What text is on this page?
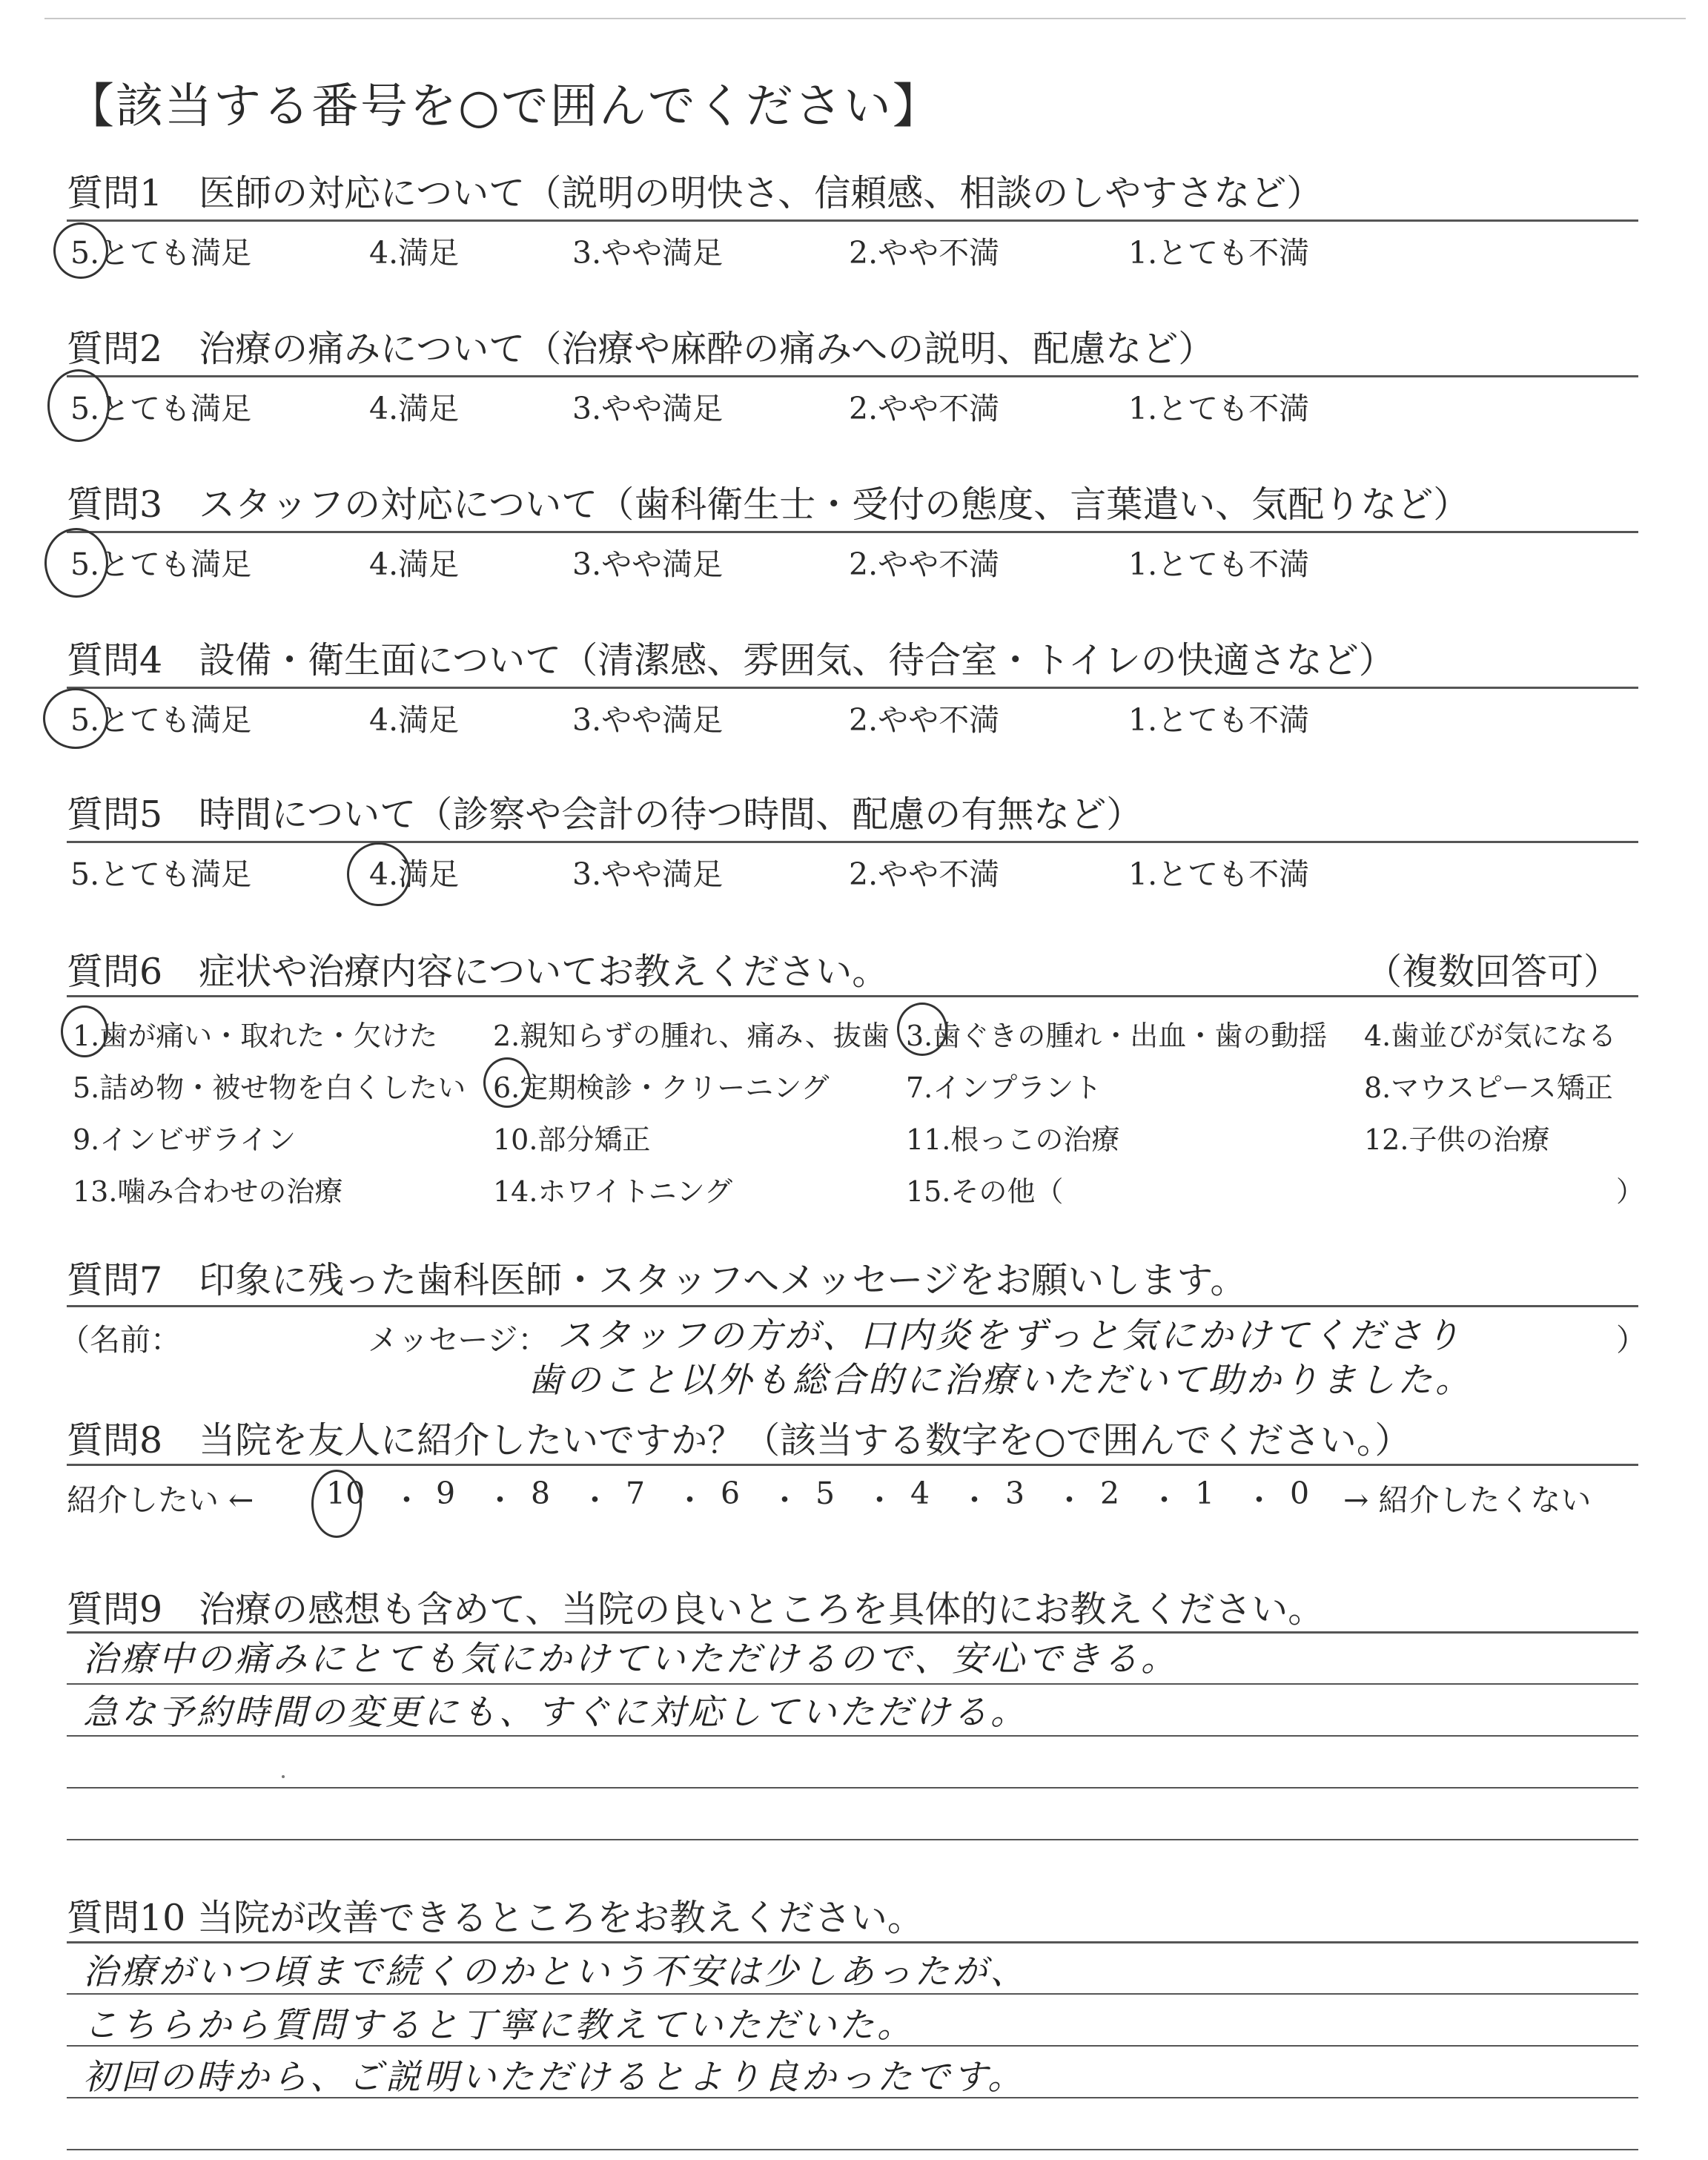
【該当する番号を○で囲んでください】
質問1　医師の対応について（説明の明快さ、信頼感、相談のしやすさなど）
5.とても満足	4.満足	3.やや満足	2.やや不満	1.とても不満
質問2　治療の痛みについて（治療や麻酔の痛みへの説明、配慮など）
5.とても満足	4.満足	3.やや満足	2.やや不満	1.とても不満
質問3　スタッフの対応について（歯科衛生士・受付の態度、言葉遣い、気配りなど）
5.とても満足	4.満足	3.やや満足	2.やや不満	1.とても不満
質問4　設備・衛生面について（清潔感、雰囲気、待合室・トイレの快適さなど）
5.とても満足	4.満足	3.やや満足	2.やや不満	1.とても不満
質問5　時間について（診察や会計の待つ時間、配慮の有無など）
5.とても満足	4.満足	3.やや満足	2.やや不満	1.とても不満
質問6　症状や治療内容についてお教えください。	（複数回答可）
1.歯が痛い・取れた・欠けた 2.親知らずの腫れ、痛み、抜歯 3.歯ぐきの腫れ・出血・歯の動揺 4.歯並びが気になる
5.詰め物・被せ物を白くしたい 6.定期検診・クリーニング	7.インプラント	8.マウスピース矯正
9.インビザライン	10.部分矯正	11.根っこの治療	12.子供の治療
13.噛み合わせの治療	14.ホワイトニング	15.その他（	）
質問7　印象に残った歯科医師・スタッフへメッセージをお願いします。
（名前：	メッセージ：	）
スタッフの方が、口内炎をずっと気にかけてくださり
歯のこと以外も総合的に治療いただいて助かりました。
質問8　当院を友人に紹介したいですか？（該当する数字を○で囲んでください。）
紹介したい ←	→ 紹介したくない
10 ・ 9 ・ 8 ・ 7 ・ 6 ・ 5 ・ 4 ・ 3 ・ 2 ・ 1 ・ 0
質問9　治療の感想も含めて、当院の良いところを具体的にお教えください。
治療中の痛みにとても気にかけていただけるので、安心できる。
急な予約時間の変更にも、すぐに対応していただける。
質問10 当院が改善できるところをお教えください。
治療がいつ頃まで続くのかという不安は少しあったが、
こちらから質問すると丁寧に教えていただいた。
初回の時から、ご説明いただけるとより良かったです。
